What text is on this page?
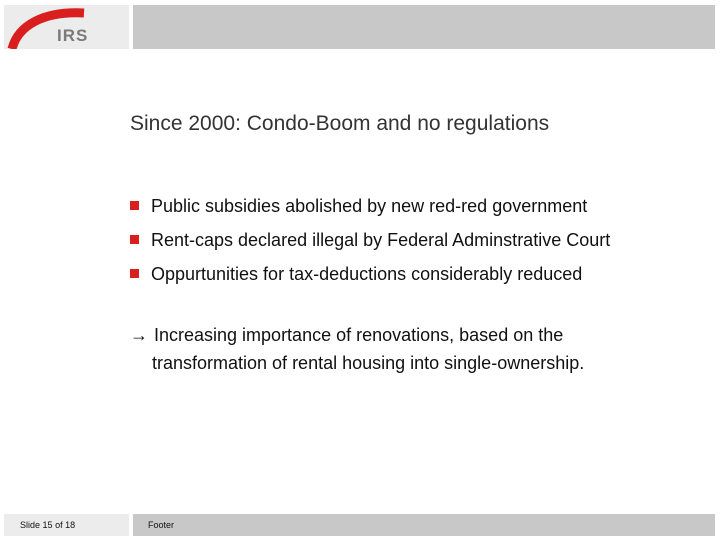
IRS
Since 2000: Condo-Boom and no regulations
Public subsidies abolished by new red-red government
Rent-caps declared illegal by Federal Adminstrative Court
Oppurtunities for tax-deductions considerably reduced
→ Increasing importance of renovations, based on the
transformation of rental housing into single-ownership.
Slide 15 of 18	Footer
